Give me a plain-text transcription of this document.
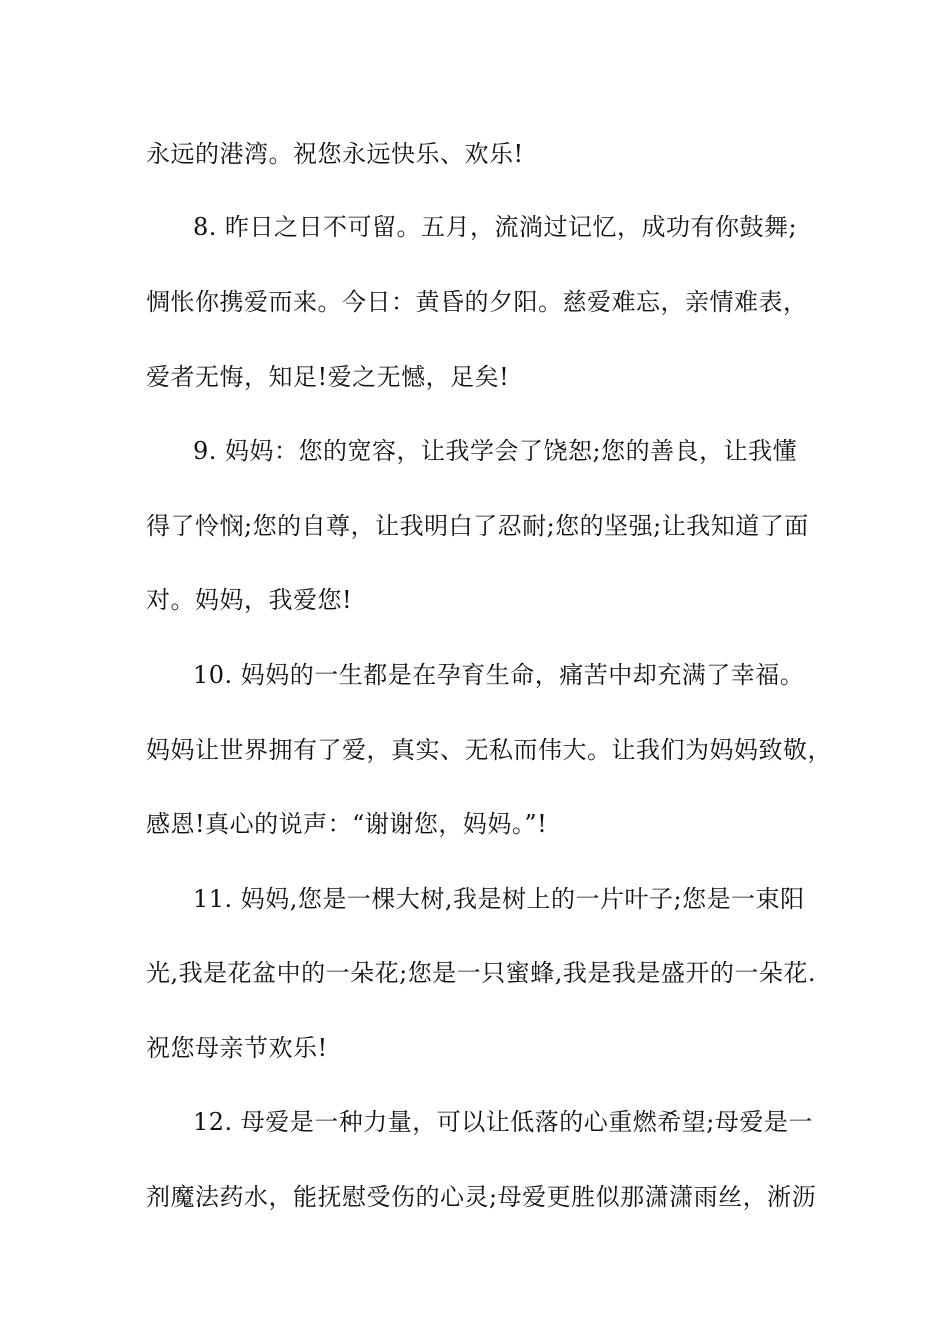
永远的港湾。祝您永远快乐、欢乐!
8. 昨日之日不可留。五月，流淌过记忆，成功有你鼓舞;
惆怅你携爱而来。今日：黄昏的夕阳。慈爱难忘，亲情难表，
爱者无悔，知足!爱之无憾，足矣!
9. 妈妈：您的宽容，让我学会了饶恕;您的善良，让我懂
得了怜悯;您的自尊，让我明白了忍耐;您的坚强;让我知道了面
对。妈妈，我爱您!
10. 妈妈的一生都是在孕育生命，痛苦中却充满了幸福。
妈妈让世界拥有了爱，真实、无私而伟大。让我们为妈妈致敬，
感恩!真心的说声：“谢谢您，妈妈。”!
11. 妈妈,您是一棵大树,我是树上的一片叶子;您是一束阳
光,我是花盆中的一朵花;您是一只蜜蜂,我是我是盛开的一朵花.
祝您母亲节欢乐!
12. 母爱是一种力量，可以让低落的心重燃希望;母爱是一
剂魔法药水，能抚慰受伤的心灵;母爱更胜似那潇潇雨丝，淅沥
